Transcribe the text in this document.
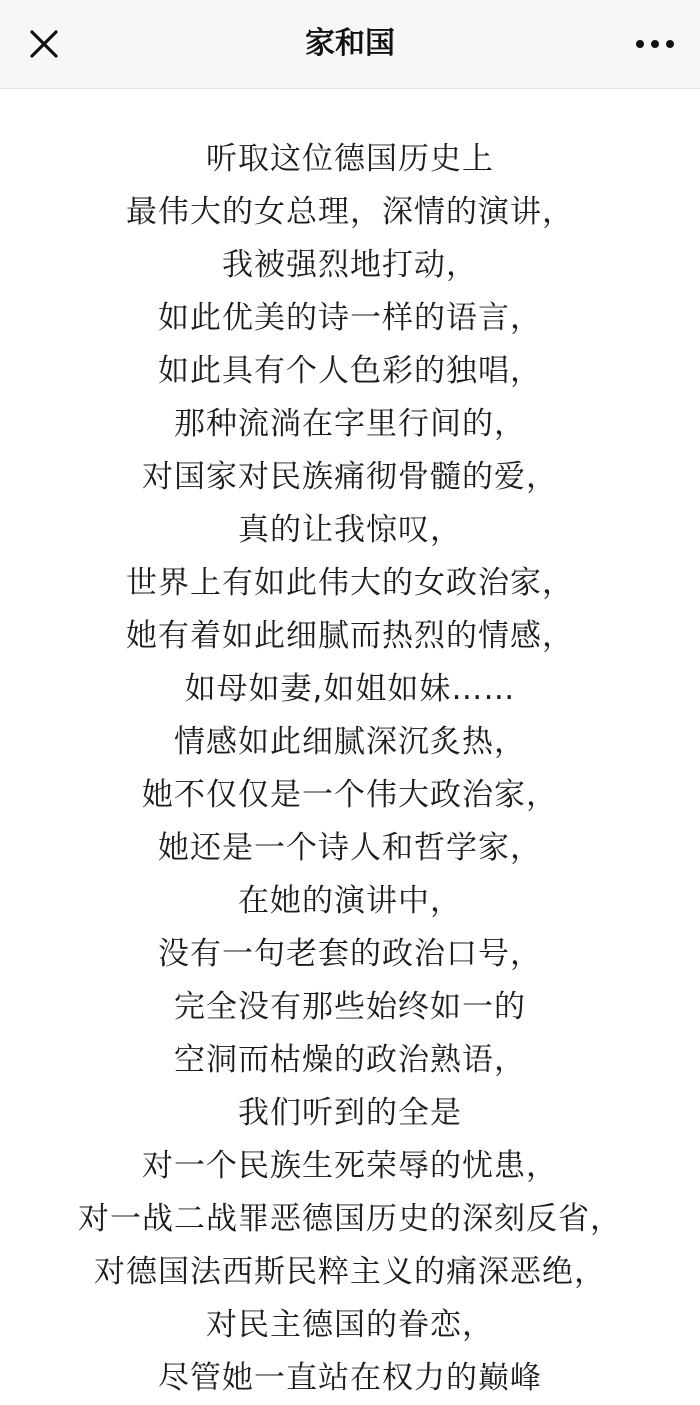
家和国
听取这位德国历史上
最伟大的女总理，深情的演讲，
我被强烈地打动，
如此优美的诗一样的语言，
如此具有个人色彩的独唱，
那种流淌在字里行间的，
对国家对民族痛彻骨髓的爱，
真的让我惊叹，
世界上有如此伟大的女政治家，
她有着如此细腻而热烈的情感，
如母如妻,如姐如妹……
情感如此细腻深沉炙热，
她不仅仅是一个伟大政治家，
她还是一个诗人和哲学家，
在她的演讲中，
没有一句老套的政治口号，
完全没有那些始终如一的
空洞而枯燥的政治熟语，
我们听到的全是
对一个民族生死荣辱的忧患，
对一战二战罪恶德国历史的深刻反省，
对德国法西斯民粹主义的痛深恶绝，
对民主德国的眷恋，
尽管她一直站在权力的巅峰
